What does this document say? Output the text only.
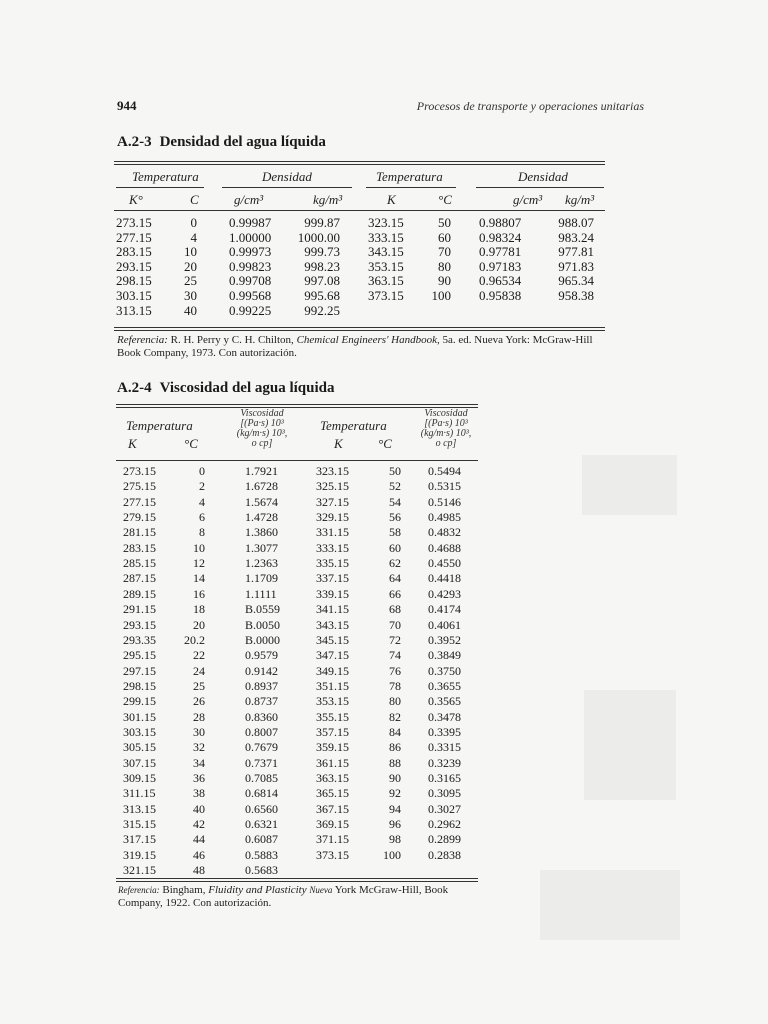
944	Procesos de transporte y operaciones unitarias
A.2-3 Densidad del agua líquida
Temperatura	Densidad	Temperatura	Densidad
K°	C	g/cm³	kg/m³	K	°C	g/cm³ kg/m³
273.15	0 0.99987	999.87 323.15	50 0.98807	988.07
277.15	4 1.00000	1000.00 333.15	60 0.98324	983.24
283.15	10 0.99973	999.73 343.15	70 0.97781	977.81
293.15	20 0.99823	998.23 353.15	80 0.97183	971.83
298.15	25 0.99708	997.08 363.15	90 0.96534	965.34
303.15	30 0.99568	995.68 373.15	100 0.95838	958.38
313.15	40 0.99225	992.25
Referencia: R. H. Perry y C. H. Chilton, Chemical Engineers' Handbook, 5a. ed. Nueva York: McGraw-Hill Book Company, 1973. Con autorización.
A.2-4 Viscosidad del agua líquida
Temperatura
K	°C
Viscosidad
[(Pa·s) 10³
(kg/m·s) 10³,
o cp]
Temperatura
K	°C
Viscosidad
[(Pa·s) 10³
(kg/m·s) 10³,
o cp]
273.15	0	1.7921	323.15	50 0.5494
275.15	2	1.6728	325.15	52 0.5315
277.15	4	1.5674	327.15	54 0.5146
279.15	6	1.4728	329.15	56 0.4985
281.15	8	1.3860	331.15	58 0.4832
283.15	10	1.3077	333.15	60 0.4688
285.15	12	1.2363	335.15	62 0.4550
287.15	14	1.1709	337.15	64 0.4418
289.15	16	1.1111	339.15	66 0.4293
291.15	18	B.0559	341.15	68 0.4174
293.15	20	B.0050	343.15	70 0.4061
293.35	20.2	B.0000	345.15	72 0.3952
295.15	22	0.9579	347.15	74 0.3849
297.15	24	0.9142	349.15	76 0.3750
298.15	25	0.8937	351.15	78 0.3655
299.15	26	0.8737	353.15	80 0.3565
301.15	28	0.8360	355.15	82 0.3478
303.15	30	0.8007	357.15	84 0.3395
305.15	32	0.7679	359.15	86 0.3315
307.15	34	0.7371	361.15	88 0.3239
309.15	36	0.7085	363.15	90 0.3165
311.15	38	0.6814	365.15	92 0.3095
313.15	40	0.6560	367.15	94 0.3027
315.15	42	0.6321	369.15	96 0.2962
317.15	44	0.6087	371.15	98 0.2899
319.15	46	0.5883	373.15	100 0.2838
321.15	48	0.5683
Referencia: Bingham, Fluidity and Plasticity Nueva York McGraw-Hill, Book Company, 1922. Con autorización.
